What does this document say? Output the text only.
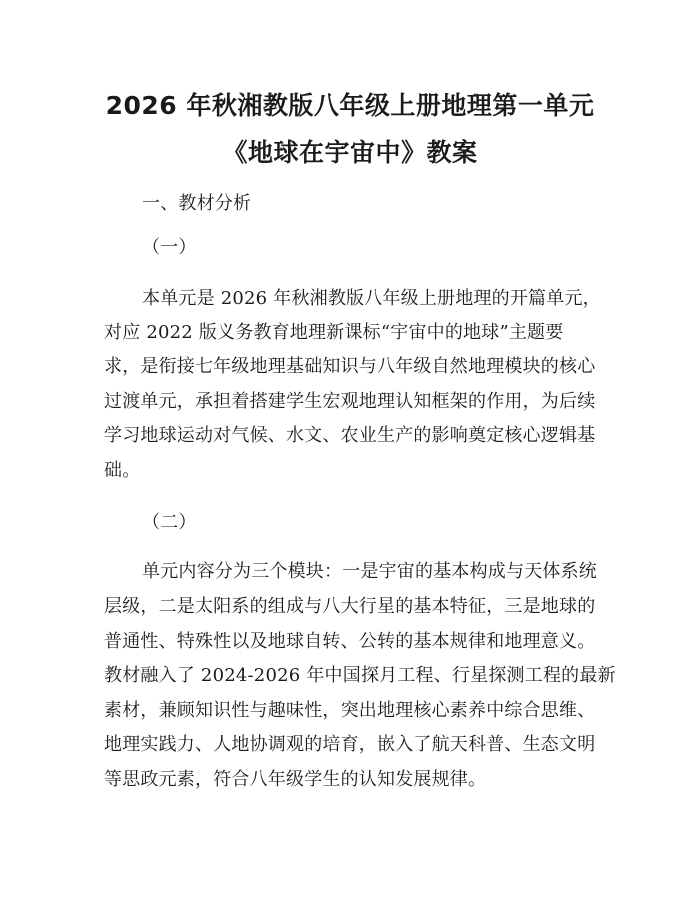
2026 年秋湘教版八年级上册地理第一单元
《地球在宇宙中》教案
一、教材分析
（一）
本单元是 2026 年秋湘教版八年级上册地理的开篇单元，
对应 2022 版义务教育地理新课标“宇宙中的地球”主题要
求，是衔接七年级地理基础知识与八年级自然地理模块的核心
过渡单元，承担着搭建学生宏观地理认知框架的作用，为后续
学习地球运动对气候、水文、农业生产的影响奠定核心逻辑基
础。
（二）
单元内容分为三个模块：一是宇宙的基本构成与天体系统
层级，二是太阳系的组成与八大行星的基本特征，三是地球的
普通性、特殊性以及地球自转、公转的基本规律和地理意义。
教材融入了 2024-2026 年中国探月工程、行星探测工程的最新
素材，兼顾知识性与趣味性，突出地理核心素养中综合思维、
地理实践力、人地协调观的培育，嵌入了航天科普、生态文明
等思政元素，符合八年级学生的认知发展规律。
